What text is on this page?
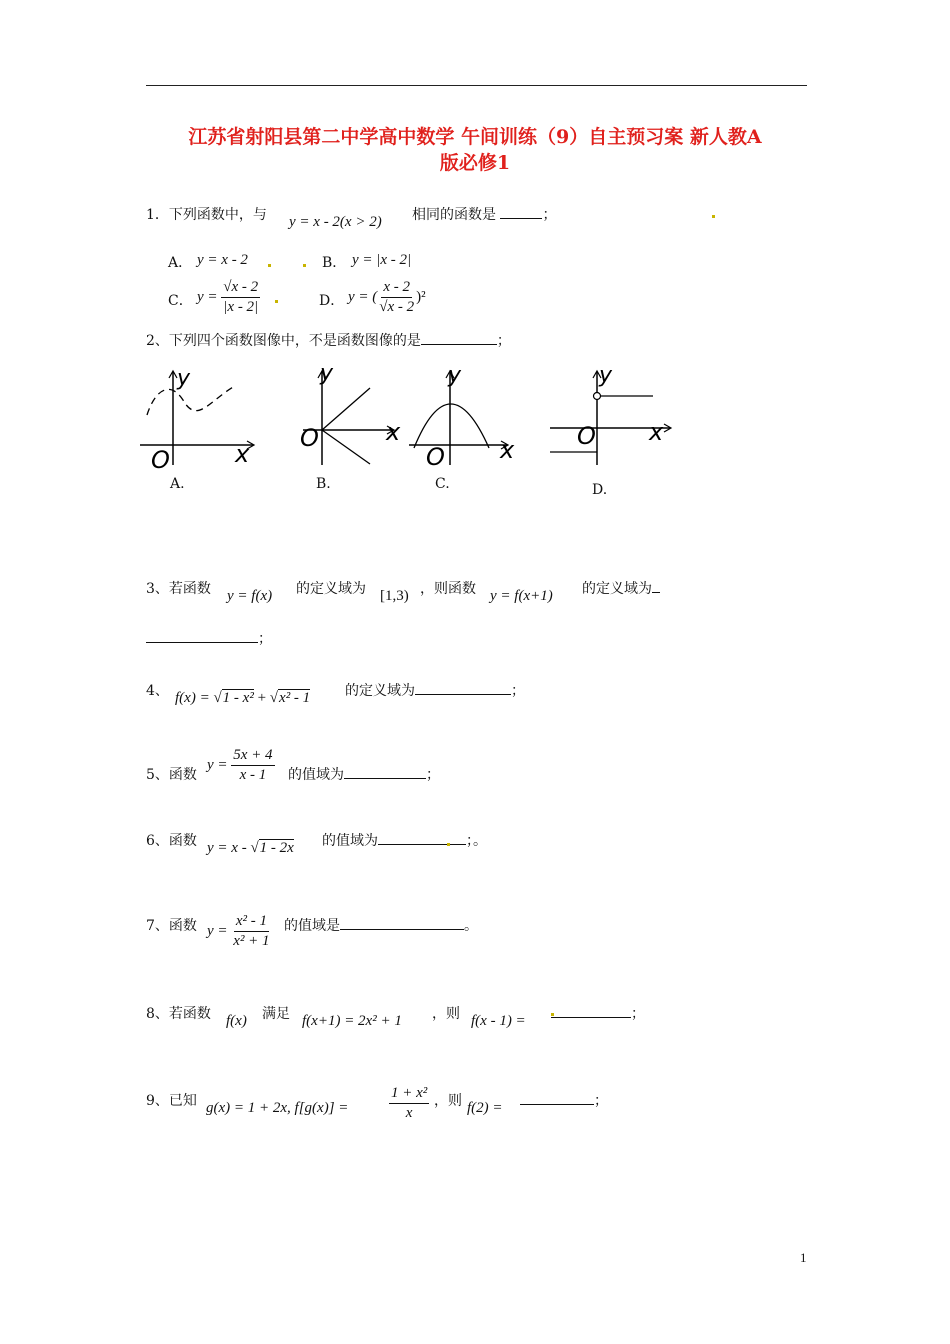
江苏省射阳县第二中学高中数学 午间训练（9）自主预习案 新人教A
版必修1
1．下列函数中，与 y = x - 2(x > 2) 相同的函数是	；
A． y = x - 2	B． y = |x - 2|
C． $y = \frac{√x - 2}{|x - 2|}$	D． y = ( $\frac{x - 2}{√x - 2} )^2$
2、下列四个函数图像中，不是函数图像的是	；
y
x
O
A.
y
x
O
B.
y
x
O
C.
y
x
O
D.
3、若函数 y = f(x) 的定义域为 [1,3) ，则函数 y = f(x+1) 的定义域为
；
4、 f(x) = √1 - x² + √x² - 1 的定义域为	；
5、函数
$y = \frac{5x + 4}{x - 1}$ 的值域为	；
6、函数 y = x - √1 - 2x 的值域为	；。
7、函数 $y = \frac{\text{x² - 1}}{\text{x² + 1}}$ 的值域是	。
8、若函数 f(x) 满足 f(x+1) = 2x² + 1 ，则 f(x - 1) =	；
9、已知 g(x) = 1 + 2x, f[g(x)] =	$\frac{\text{1 + x²}}{x}$ ，则 f(2) =	；
1
